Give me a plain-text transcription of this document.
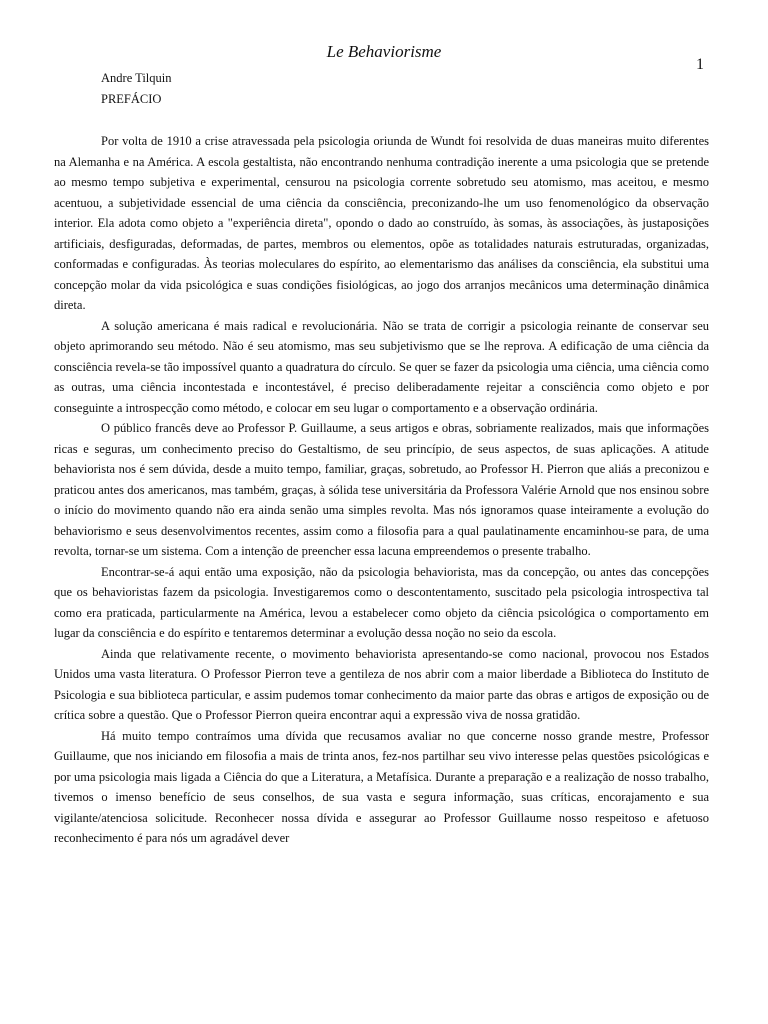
Le Behaviorisme
1
Andre Tilquin
PREFÁCIO

Por volta de 1910 a crise atravessada pela psicologia oriunda de Wundt foi resolvida de duas maneiras muito diferentes na Alemanha e na América. A escola gestaltista, não encontrando nenhuma contradição inerente a uma psicologia que se pretende ao mesmo tempo subjetiva e experimental, censurou na psicologia corrente sobretudo seu atomismo, mas aceitou, e mesmo acentuou, a subjetividade essencial de uma ciência da consciência, preconizando-lhe um uso fenomenológico da observação interior. Ela adota como objeto a "experiência direta", opondo o dado ao construído, às somas, às associações, às justaposições artificiais, desfiguradas, deformadas, de partes, membros ou elementos, opõe as totalidades naturais estruturadas, organizadas, conformadas e configuradas. Às teorias moleculares do espírito, ao elementarismo das análises da consciência, ela substitui uma concepção molar da vida psicológica e suas condições fisiológicas, ao jogo dos arranjos mecânicos uma determinação dinâmica direta.

A solução americana é mais radical e revolucionária. Não se trata de corrigir a psicologia reinante de conservar seu objeto aprimorando seu método. Não é seu atomismo, mas seu subjetivismo que se lhe reprova. A edificação de uma ciência da consciência revela-se tão impossível quanto a quadratura do círculo. Se quer se fazer da psicologia uma ciência, uma ciência como as outras, uma ciência incontestada e incontestável, é preciso deliberadamente rejeitar a consciência como objeto e por conseguinte a introspecção como método, e colocar em seu lugar o comportamento e a observação ordinária.

O público francês deve ao Professor P. Guillaume, a seus artigos e obras, sobriamente realizados, mais que informações ricas e seguras, um conhecimento preciso do Gestaltismo, de seu princípio, de seus aspectos, de suas aplicações. A atitude behaviorista nos é sem dúvida, desde a muito tempo, familiar, graças, sobretudo, ao Professor H. Pierron que aliás a preconizou e praticou antes dos americanos, mas também, graças, à sólida tese universitária da Professora Valérie Arnold que nos ensinou sobre o início do movimento quando não era ainda senão uma simples revolta. Mas nós ignoramos quase inteiramente a evolução do behaviorismo e seus desenvolvimentos recentes, assim como a filosofia para a qual paulatinamente encaminhou-se para, de uma revolta, tornar-se um sistema. Com a intenção de preencher essa lacuna empreendemos o presente trabalho.

Encontrar-se-á aqui então uma exposição, não da psicologia behaviorista, mas da concepção, ou antes das concepções que os behavioristas fazem da psicologia. Investigaremos como o descontentamento, suscitado pela psicologia introspectiva tal como era praticada, particularmente na América, levou a estabelecer como objeto da ciência psicológica o comportamento em lugar da consciência e do espírito e tentaremos determinar a evolução dessa noção no seio da escola.

Ainda que relativamente recente, o movimento behaviorista apresentando-se como nacional, provocou nos Estados Unidos uma vasta literatura. O Professor Pierron teve a gentileza de nos abrir com a maior liberdade a Biblioteca do Instituto de Psicologia e sua biblioteca particular, e assim pudemos tomar conhecimento da maior parte das obras e artigos de exposição ou de crítica sobre a questão. Que o Professor Pierron queira encontrar aqui a expressão viva de nossa gratidão.

Há muito tempo contraímos uma dívida que recusamos avaliar no que concerne nosso grande mestre, Professor Guillaume, que nos iniciando em filosofia a mais de trinta anos, fez-nos partilhar seu vivo interesse pelas questões psicológicas e por uma psicologia mais ligada a Ciência do que a Literatura, a Metafísica. Durante a preparação e a realização de nosso trabalho, tivemos o imenso benefício de seus conselhos, de sua vasta e segura informação, suas críticas, encorajamento e sua vigilante/atenciosa solicitude. Reconhecer nossa dívida e assegurar ao Professor Guillaume nosso respeitoso e afetuoso reconhecimento é para nós um agradável dever
